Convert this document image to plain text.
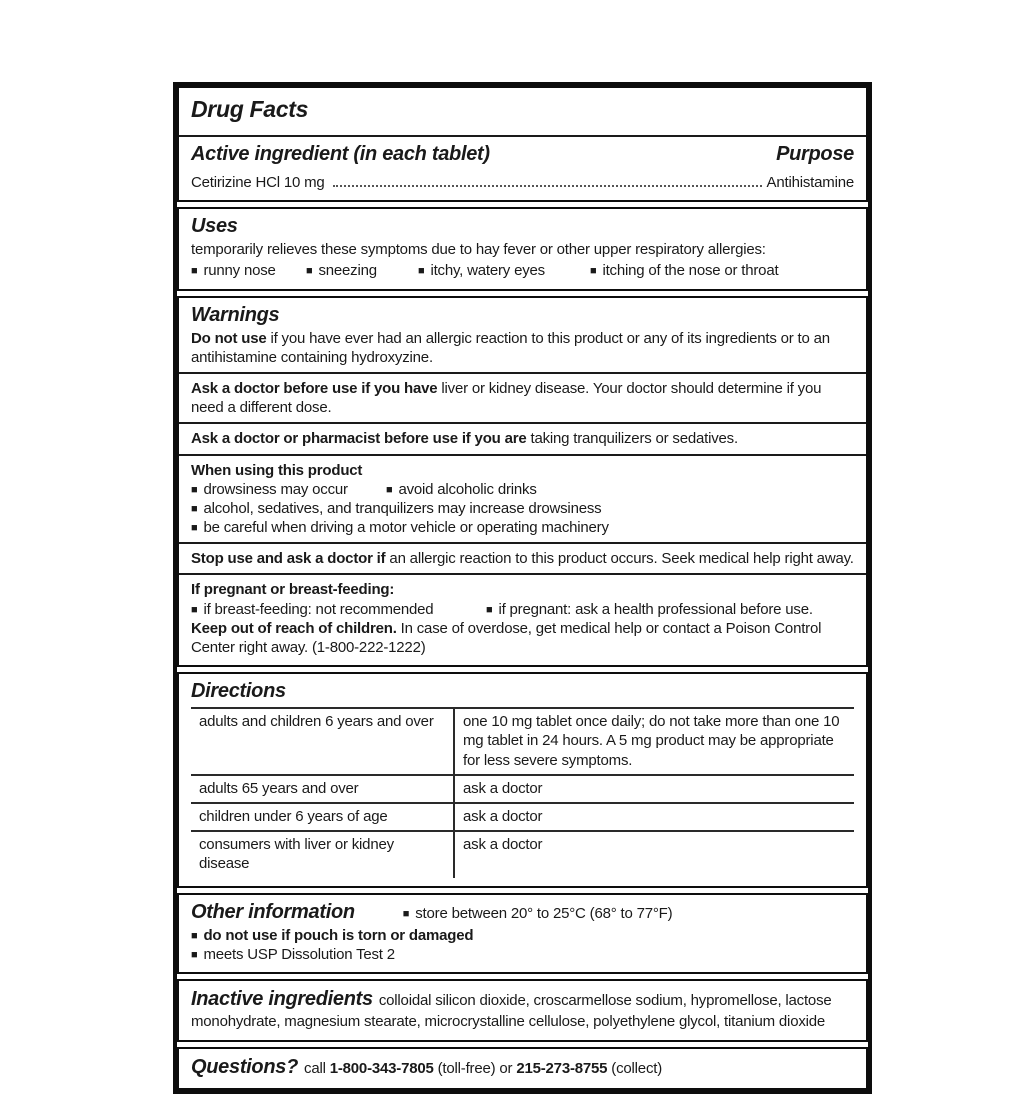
Drug Facts
Active ingredient (in each tablet)	Purpose
Cetirizine HCl 10 mg	Antihistamine
Uses
temporarily relieves these symptoms due to hay fever or other upper respiratory allergies:
■ runny nose	■ sneezing	■ itchy, watery eyes	■ itching of the nose or throat
Warnings
Do not use if you have ever had an allergic reaction to this product or any of its ingredients or to an antihistamine containing hydroxyzine.
Ask a doctor before use if you have liver or kidney disease. Your doctor should determine if you need a different dose.
Ask a doctor or pharmacist before use if you are taking tranquilizers or sedatives.
When using this product
■ drowsiness may occur	■ avoid alcoholic drinks
■ alcohol, sedatives, and tranquilizers may increase drowsiness
■ be careful when driving a motor vehicle or operating machinery
Stop use and ask a doctor if an allergic reaction to this product occurs. Seek medical help right away.
If pregnant or breast-feeding:
■ if breast-feeding: not recommended	■ if pregnant: ask a health professional before use.
Keep out of reach of children. In case of overdose, get medical help or contact a Poison Control Center right away. (1-800-222-1222)
Directions
adults and children 6 years and over	one 10 mg tablet once daily; do not take more than one 10 mg tablet in 24 hours. A 5 mg product may be appropriate for less severe symptoms.
adults 65 years and over	ask a doctor
children under 6 years of age	ask a doctor
consumers with liver or kidney disease	ask a doctor
Other information	■ store between 20° to 25°C (68° to 77°F)
■ do not use if pouch is torn or damaged
■ meets USP Dissolution Test 2
Inactive ingredients colloidal silicon dioxide, croscarmellose sodium, hypromellose, lactose monohydrate, magnesium stearate, microcrystalline cellulose, polyethylene glycol, titanium dioxide
Questions? call 1-800-343-7805 (toll-free) or 215-273-8755 (collect)
